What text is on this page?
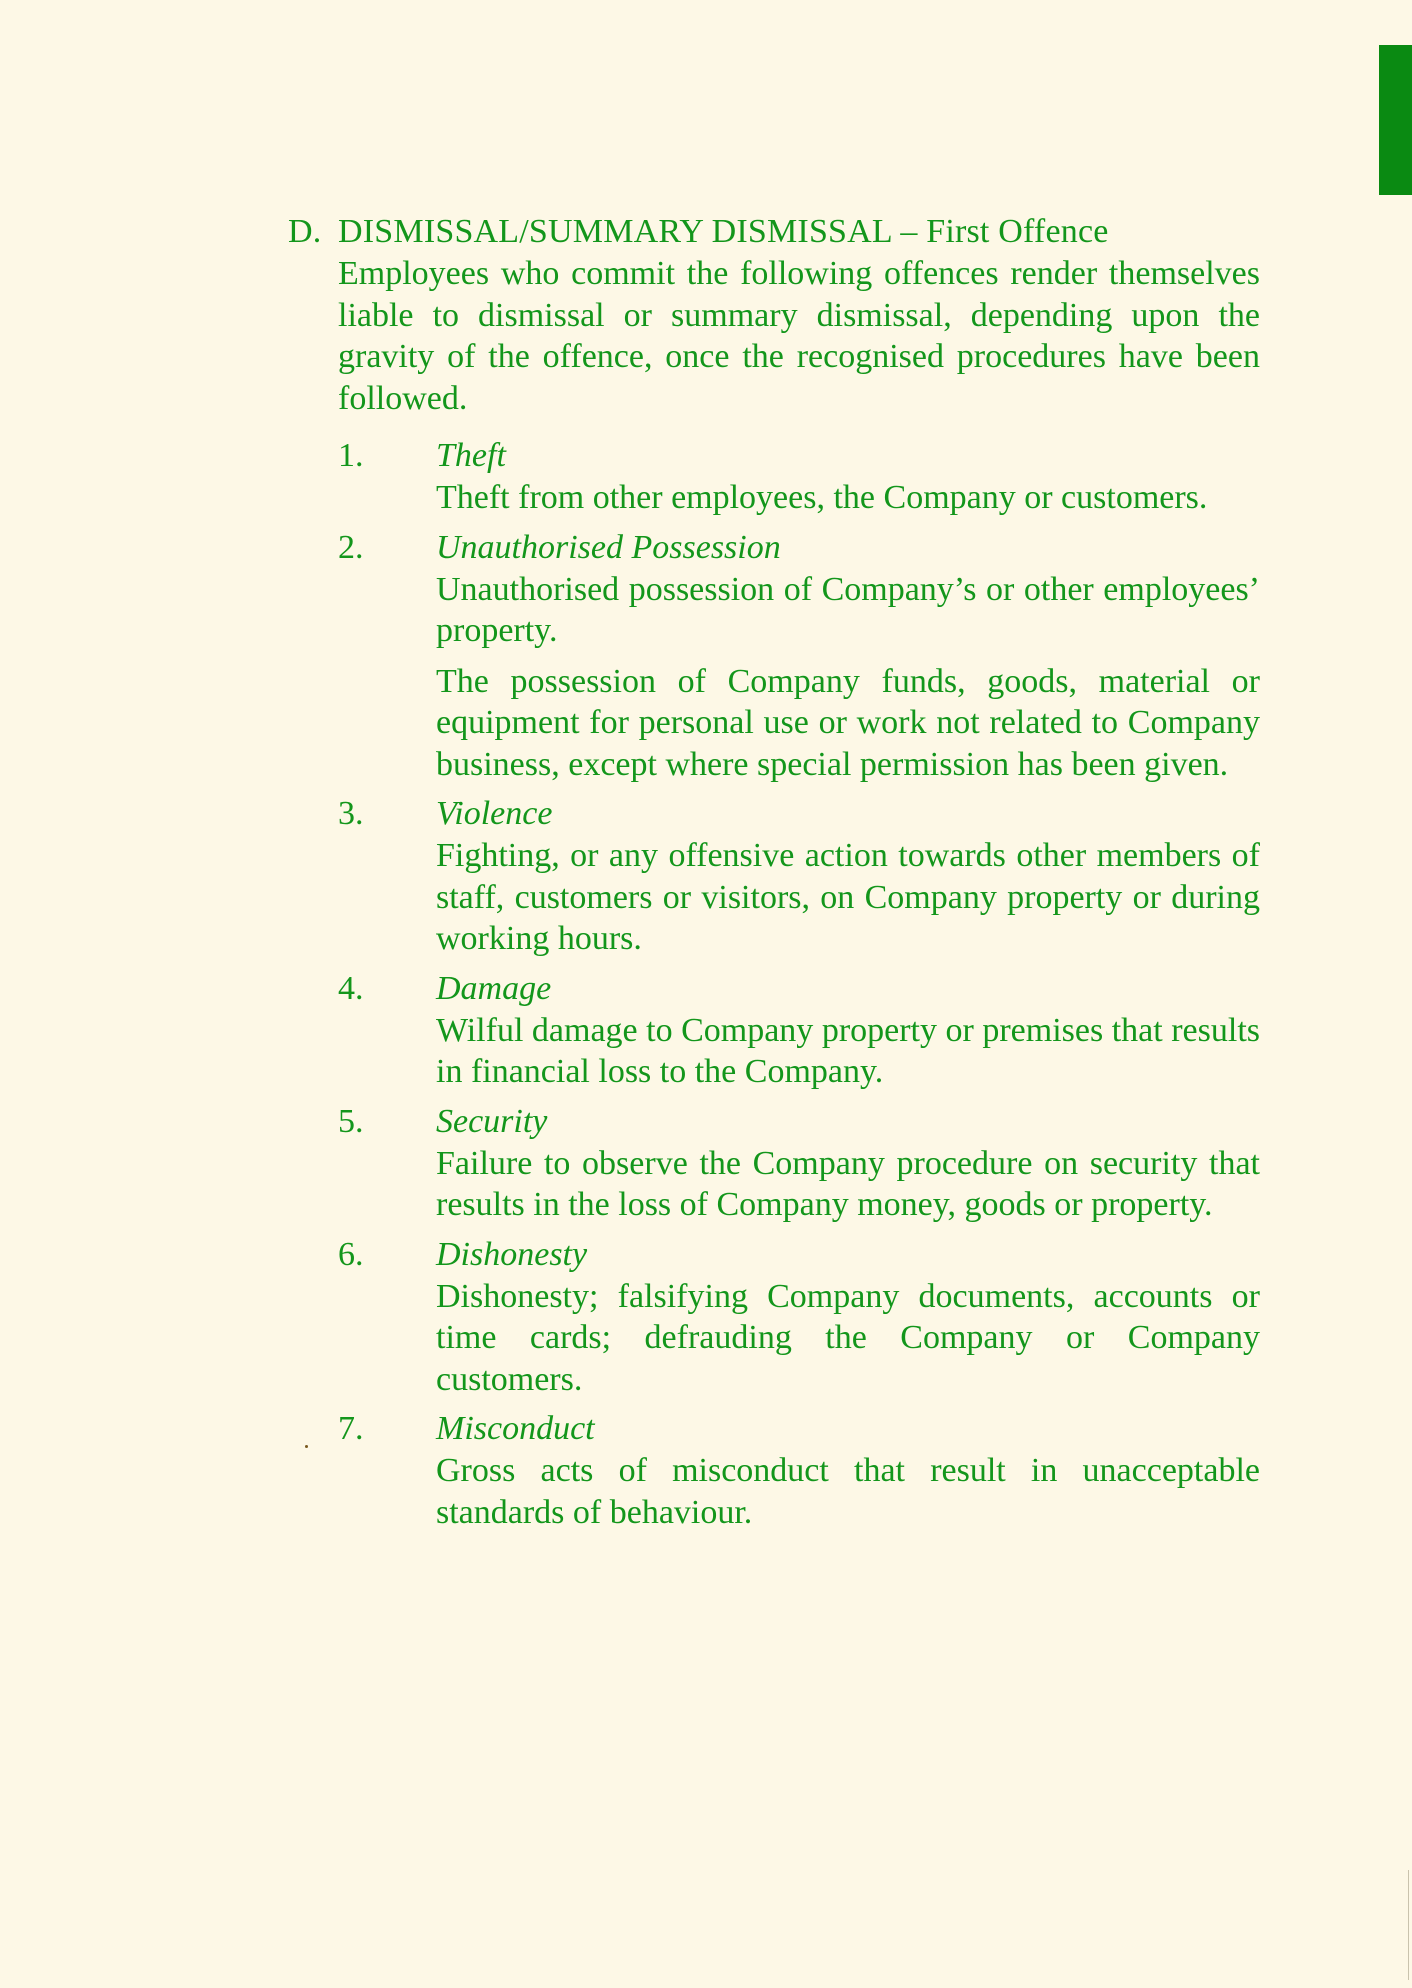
D. DISMISSAL/SUMMARY DISMISSAL – First Offence
Employees who commit the following offences render themselves liable to dismissal or summary dismissal, depending upon the gravity of the offence, once the recognised procedures have been followed.
1. Theft
Theft from other employees, the Company or customers.
2. Unauthorised Possession
Unauthorised possession of Company’s or other employees’ property.
The possession of Company funds, goods, material or equipment for personal use or work not related to Company business, except where special permission has been given.
3. Violence
Fighting, or any offensive action towards other members of staff, customers or visitors, on Company property or during working hours.
4. Damage
Wilful damage to Company property or premises that results in financial loss to the Company.
5. Security
Failure to observe the Company procedure on security that results in the loss of Company money, goods or property.
6. Dishonesty
Dishonesty; falsifying Company documents, accounts or time cards; defrauding the Company or Company customers.
7. Misconduct
Gross acts of misconduct that result in unacceptable standards of behaviour.
